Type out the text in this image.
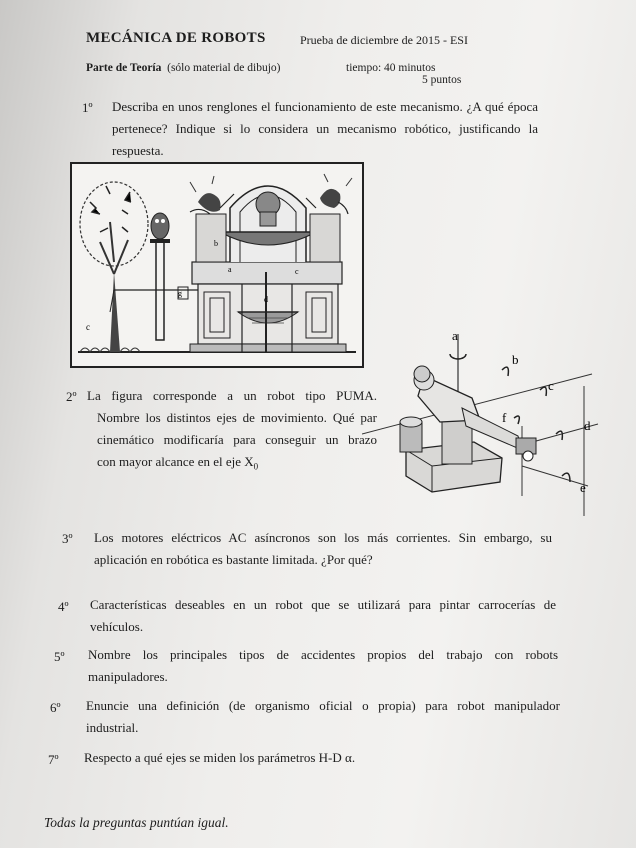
MECÁNICA DE ROBOTS	Prueba de diciembre de 2015 - ESI
Parte de Teoría (sólo material de dibujo)	tiempo: 40 minutos
5 puntos
1º Describa en unos renglones el funcionamiento de este mecanismo. ¿A qué época
pertenece? Indique si lo considera un mecanismo robótico, justificando la
respuesta.
b
a	c
g
d
c
2º La figura corresponde a un robot tipo PUMA.
Nombre los distintos ejes de movimiento. Qué par
cinemático modificaría para conseguir un brazo
con mayor alcance en el eje $X_0$
a
b
c
f
d
e
3º Los motores eléctricos AC asíncronos son los más corrientes. Sin embargo, su
aplicación en robótica es bastante limitada. ¿Por qué?
4º Características deseables en un robot que se utilizará para pintar carrocerías de
vehículos.
5º Nombre los principales tipos de accidentes propios del trabajo con robots
manipuladores.
6º Enuncie una definición (de organismo oficial o propia) para robot manipulador
industrial.
7º Respecto a qué ejes se miden los parámetros H-D α.
Todas la preguntas puntúan igual.
